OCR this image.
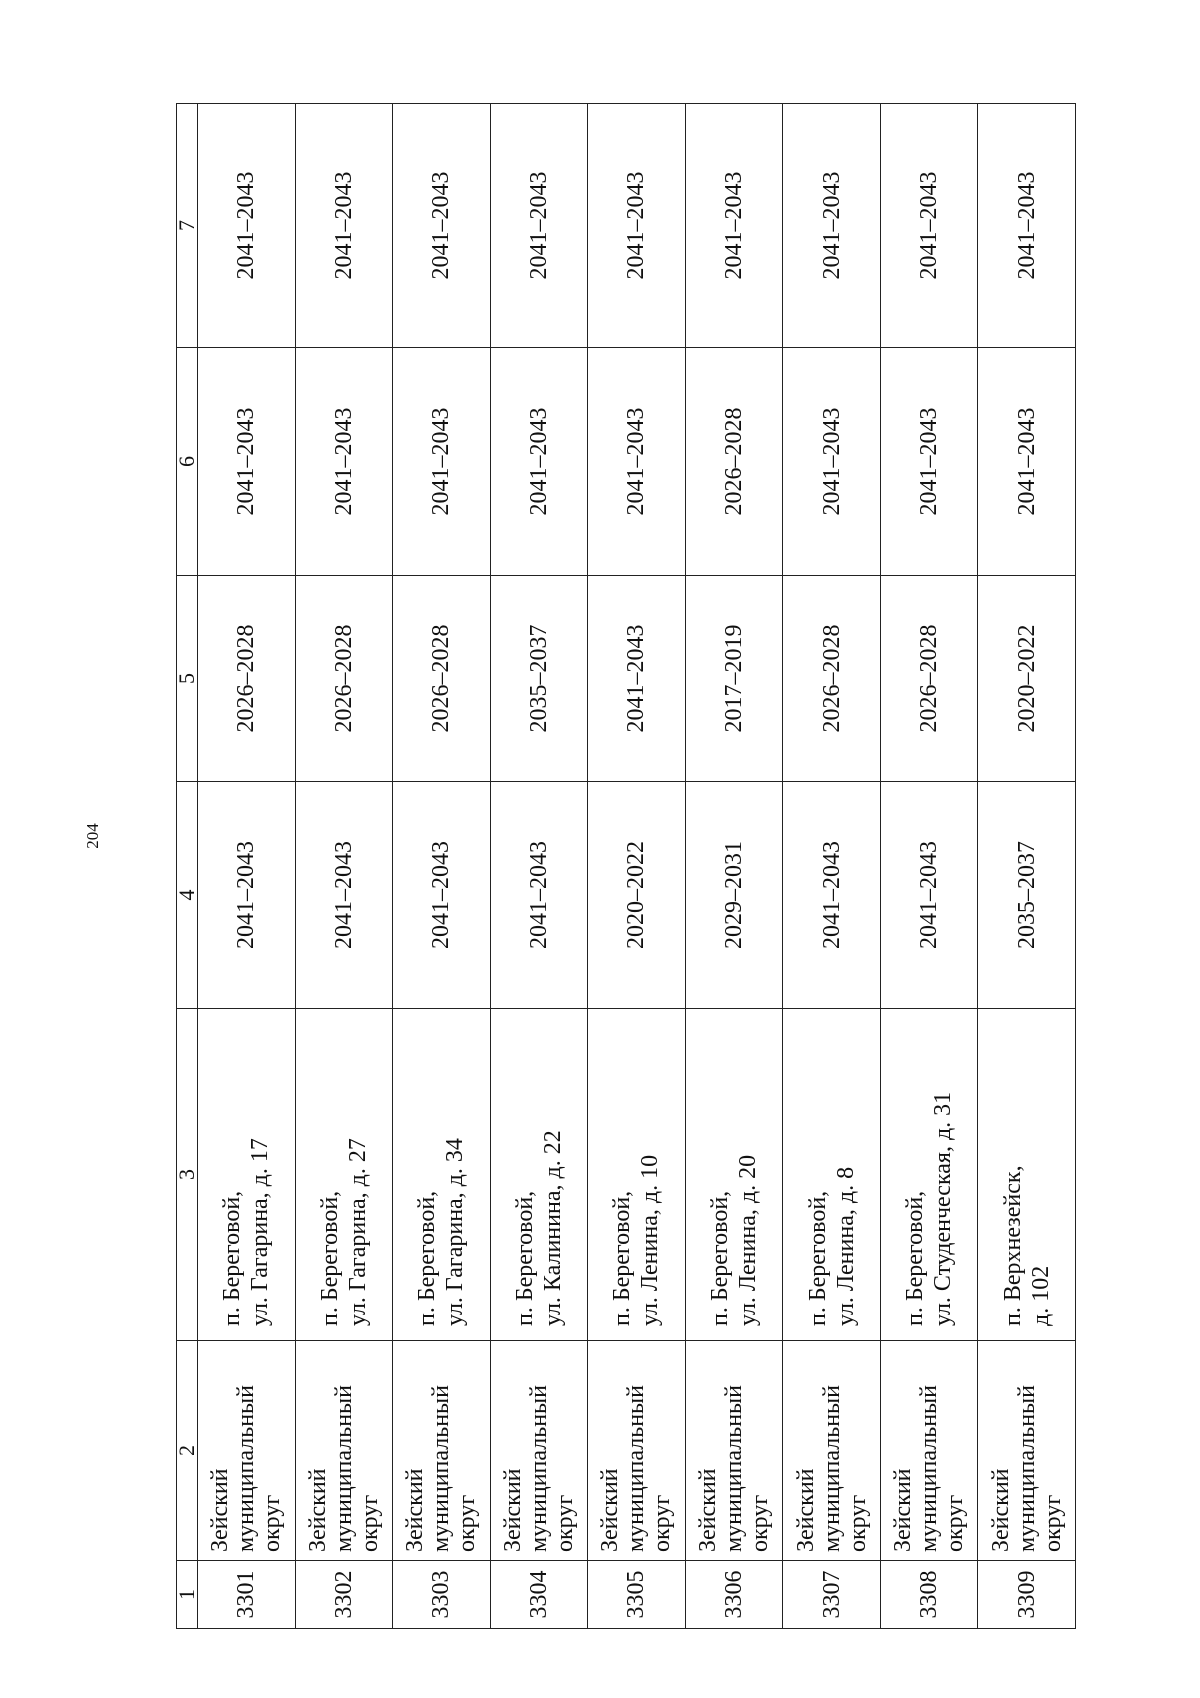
204
1	2	3	4	5	6	7
3301	Зейский муниципальный округ	п. Береговой, ул. Гагарина, д. 17	2041–2043	2026–2028	2041–2043	2041–2043
3302	Зейский муниципальный округ	п. Береговой, ул. Гагарина, д. 27	2041–2043	2026–2028	2041–2043	2041–2043
3303	Зейский муниципальный округ	п. Береговой, ул. Гагарина, д. 34	2041–2043	2026–2028	2041–2043	2041–2043
3304	Зейский муниципальный округ	п. Береговой, ул. Калинина, д. 22	2041–2043	2035–2037	2041–2043	2041–2043
3305	Зейский муниципальный округ	п. Береговой, ул. Ленина, д. 10	2020–2022	2041–2043	2041–2043	2041–2043
3306	Зейский муниципальный округ	п. Береговой, ул. Ленина, д. 20	2029–2031	2017–2019	2026–2028	2041–2043
3307	Зейский муниципальный округ	п. Береговой, ул. Ленина, д. 8	2041–2043	2026–2028	2041–2043	2041–2043
3308	Зейский муниципальный округ	п. Береговой, ул. Студенческая, д. 31	2041–2043	2026–2028	2041–2043	2041–2043
3309	Зейский муниципальный округ	п. Верхнезейск, д. 102	2035–2037	2020–2022	2041–2043	2041–2043
